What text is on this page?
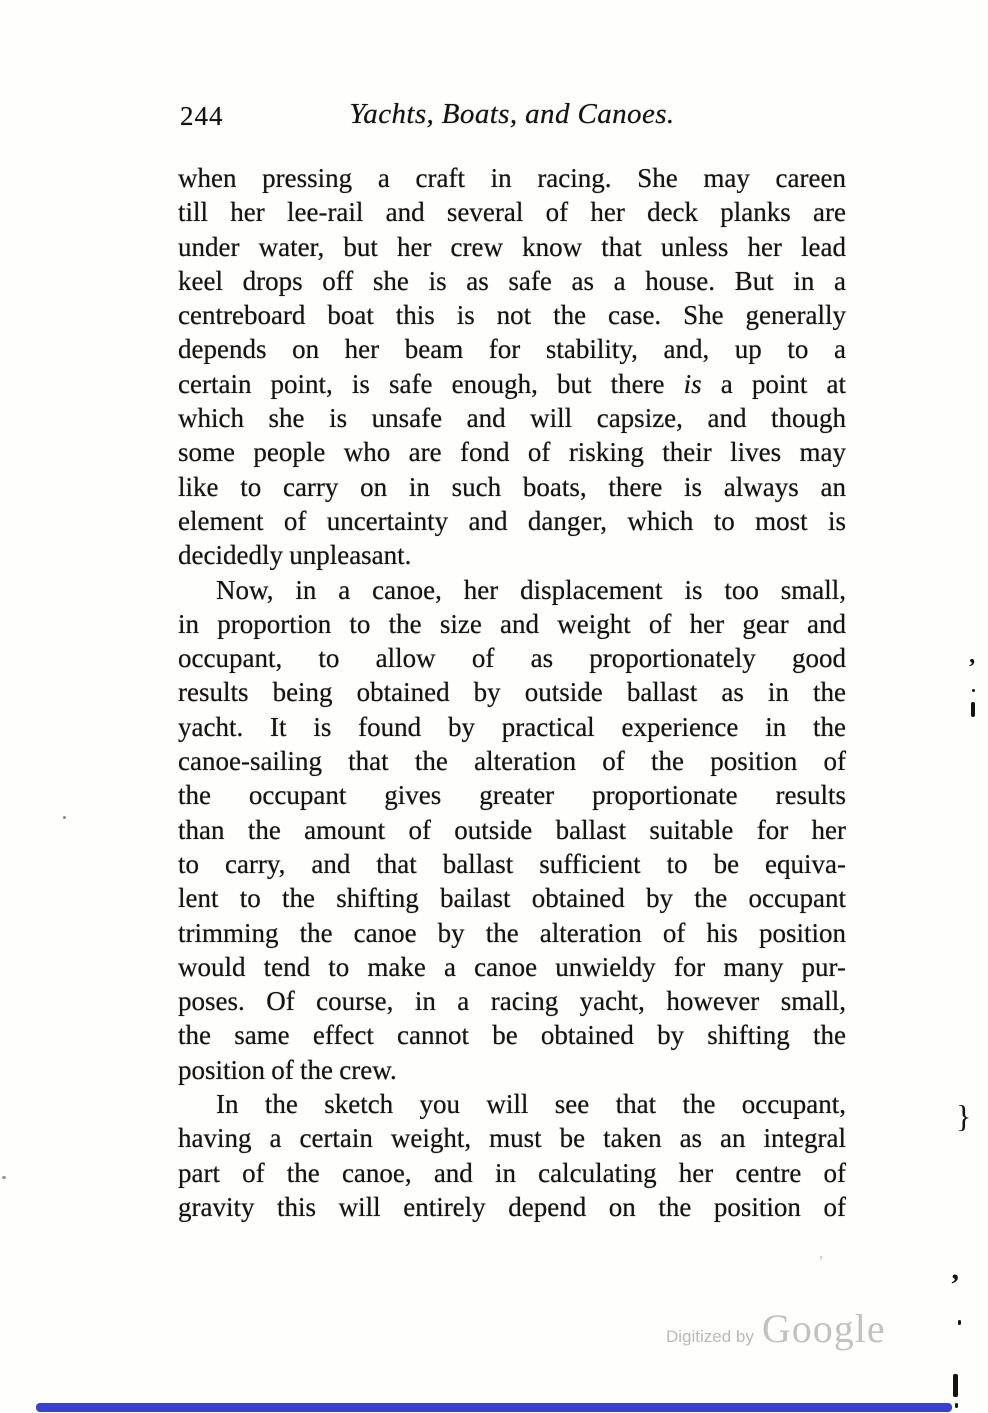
244	Yachts, Boats, and Canoes.
when pressing a craft in racing. She may careen
till her lee-rail and several of her deck planks are
under water, but her crew know that unless her lead
keel drops off she is as safe as a house. But in a
centreboard boat this is not the case. She generally
depends on her beam for stability, and, up to a
certain point, is safe enough, but there is a point at
which she is unsafe and will capsize, and though
some people who are fond of risking their lives may
like to carry on in such boats, there is always an
element of uncertainty and danger, which to most is
decidedly unpleasant.
Now, in a canoe, her displacement is too small,
in proportion to the size and weight of her gear and
occupant, to allow of as proportionately good
results being obtained by outside ballast as in the
yacht. It is found by practical experience in the
canoe-sailing that the alteration of the position of
the occupant gives greater proportionate results
than the amount of outside ballast suitable for her
to carry, and that ballast sufficient to be equiva-
lent to the shifting bailast obtained by the occupant
trimming the canoe by the alteration of his position
would tend to make a canoe unwieldy for many pur-
poses. Of course, in a racing yacht, however small,
the same effect cannot be obtained by shifting the
position of the crew.
In the sketch you will see that the occupant,
having a certain weight, must be taken as an integral
part of the canoe, and in calculating her centre of
gravity this will entirely depend on the position of
Digitized by Google
’
}
’
’
